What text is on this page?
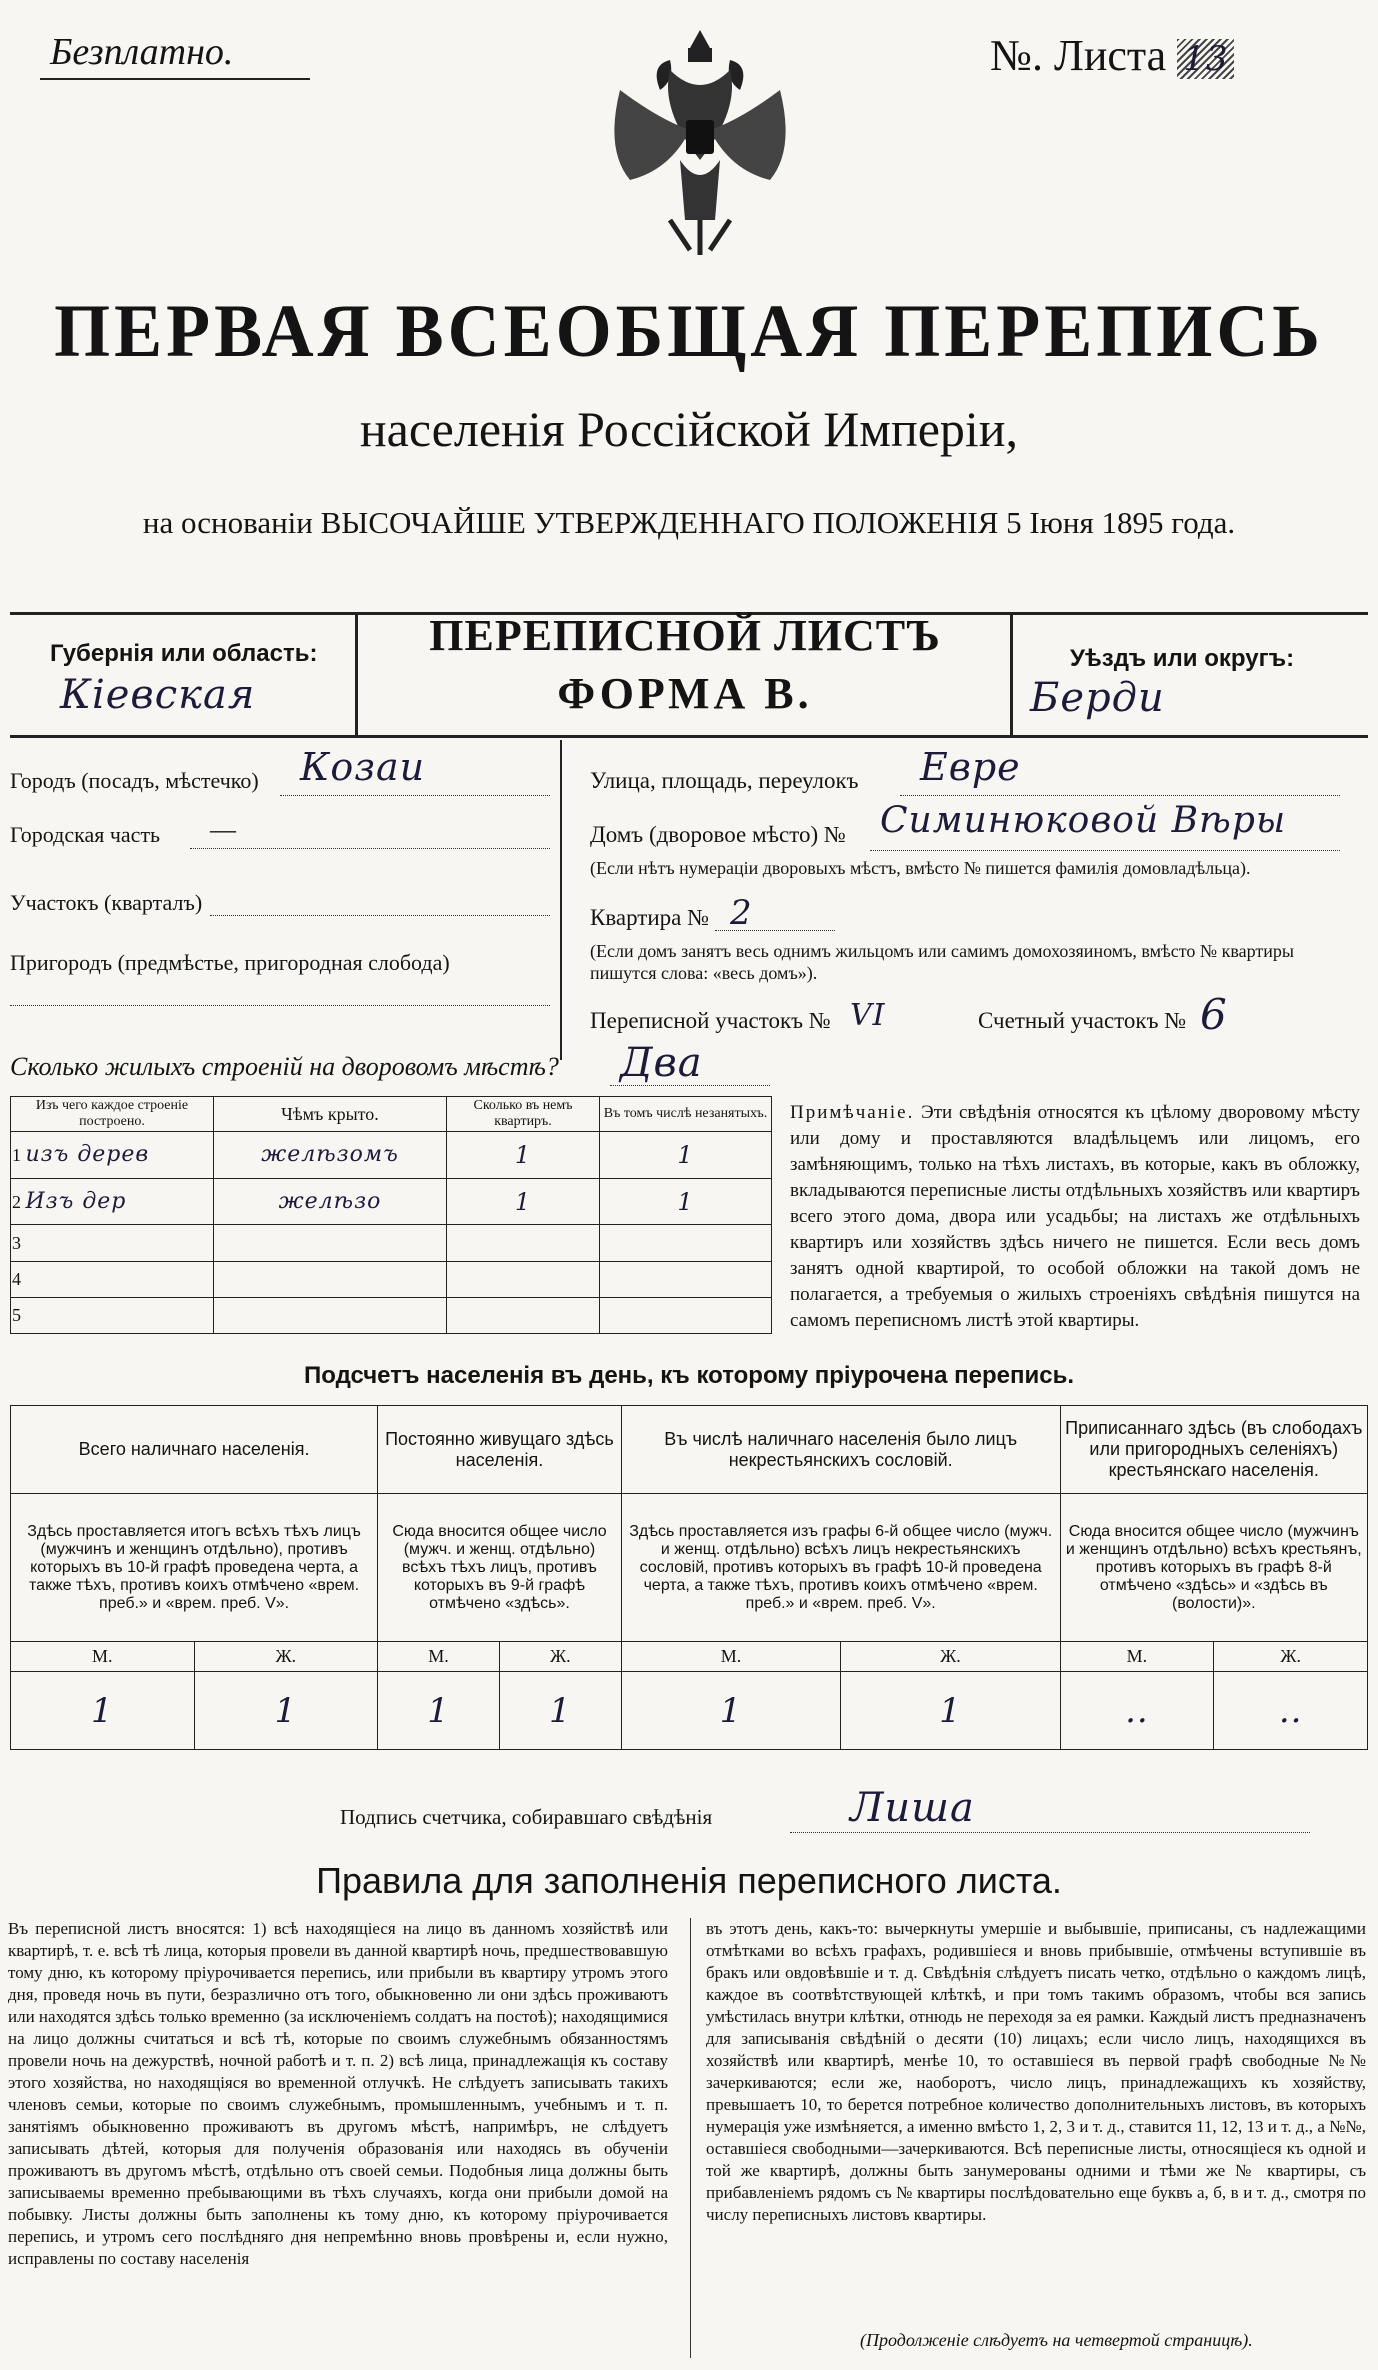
Безплатно.	№. Листа 13
ПЕРВАЯ ВСЕОБЩАЯ ПЕРЕПИСЬ
населенія Россійской Имперіи,
на основаніи ВЫСОЧАЙШЕ УТВЕРЖДЕННАГО ПОЛОЖЕНІЯ 5 Іюня 1895 года.
Губернія или область:
Кіевская
ПЕРЕПИСНОЙ ЛИСТЪ
ФОРМА В.
Уѣздъ или округъ:
Берди
Городъ (посадъ, мѣстечко) Козаи
Городская часть —
Участокъ (кварталъ)
Пригородъ (предмѣстье, пригородная слобода)
Улица, площадь, переулокъ Евре
Домъ (дворовое мѣсто) № Симинюковой Вѣры
(Если нѣтъ нумераціи дворовыхъ мѣстъ, вмѣсто № пишется фамилія домовладѣльца).
Квартира № 2
(Если домъ занятъ весь однимъ жильцомъ или самимъ домохозяиномъ, вмѣсто № квартиры пишутся слова: «весь домъ»).
Переписной участокъ № VI	Счетный участокъ № 6
Сколько жилыхъ строеній на дворовомъ мѣстѣ? Два
Изъ чего каждое строеніе построено.	Чѣмъ крыто.	Сколько въ немъ квартиръ.	Въ томъ числѣ незанятыхъ.
1 изъ дерев	желѣзомъ	1	1
2 Изъ дер	желѣзо	1	1
3			
4			
5			
Примѣчаніе. Эти свѣдѣнія относятся къ цѣлому дворовому мѣсту или дому и проставляются владѣльцемъ или лицомъ, его замѣняющимъ, только на тѣхъ листахъ, въ которые, какъ въ обложку, вкладываются переписные листы отдѣльныхъ хозяйствъ или квартиръ всего этого дома, двора или усадьбы; на листахъ же отдѣльныхъ квартиръ или хозяйствъ здѣсь ничего не пишется. Если весь домъ занятъ одной квартирой, то особой обложки на такой домъ не полагается, а требуемыя о жилыхъ строеніяхъ свѣдѣнія пишутся на самомъ переписномъ листѣ этой квартиры.
Подсчетъ населенія въ день, къ которому пріурочена перепись.
Всего наличнаго населенія.		Постоянно живущаго здѣсь населенія.		Въ числѣ наличнаго населенія было лицъ некрестьянскихъ сословій.		Приписаннаго здѣсь (въ слободахъ или пригородныхъ селеніяхъ) крестьянскаго населенія.	
Здѣсь проставляется итогъ всѣхъ тѣхъ лицъ (мужчинъ и женщинъ отдѣльно), противъ которыхъ въ 10-й графѣ проведена черта, а также тѣхъ, противъ коихъ отмѣчено «врем. преб.» и «врем. преб. V».		Сюда вносится общее число (мужч. и женщ. отдѣльно) всѣхъ тѣхъ лицъ, противъ которыхъ въ 9-й графѣ отмѣчено «здѣсь».		Здѣсь проставляется изъ графы 6-й общее число (мужч. и женщ. отдѣльно) всѣхъ лицъ некрестьянскихъ сословій, противъ которыхъ въ графѣ 10-й проведена черта, а также тѣхъ, противъ коихъ отмѣчено «врем. преб.» и «врем. преб. V».		Сюда вносится общее число (мужчинъ и женщинъ отдѣльно) всѣхъ крестьянъ, противъ которыхъ въ графѣ 8-й отмѣчено «здѣсь» и «здѣсь въ (волости)».	
М.	Ж.	М.	Ж.	М.	Ж.	М.	Ж.
1	1	1	1	1	1	..	..
Подпись счетчика, собиравшаго свѣдѣнія	Лиша
Правила для заполненія переписного листа.
Въ переписной листъ вносятся: 1) всѣ находящіеся на лицо въ данномъ хозяйствѣ или квартирѣ, т. е. всѣ тѣ лица, которыя провели въ данной квартирѣ ночь, предшествовавшую тому дню, къ которому пріурочивается перепись, или прибыли въ квартиру утромъ этого дня, проведя ночь въ пути, безразлично отъ того, обыкновенно ли они здѣсь проживаютъ или находятся здѣсь только временно (за исключеніемъ солдатъ на постоѣ); находящимися на лицо должны считаться и всѣ тѣ, которые по своимъ служебнымъ обязанностямъ провели ночь на дежурствѣ, ночной работѣ и т. п. 2) всѣ лица, принадлежащія къ составу этого хозяйства, но находящіяся во временной отлучкѣ. Не слѣдуетъ записывать такихъ членовъ семьи, которые по своимъ служебнымъ, промышленнымъ, учебнымъ и т. п. занятіямъ обыкновенно проживаютъ въ другомъ мѣстѣ, напримѣръ, не слѣдуетъ записывать дѣтей, которыя для полученія образованія или находясь въ обученіи проживаютъ въ другомъ мѣстѣ, отдѣльно отъ своей семьи. Подобныя лица должны быть записываемы временно пребывающими въ тѣхъ случаяхъ, когда они прибыли домой на побывку. Листы должны быть заполнены къ тому дню, къ которому пріурочивается перепись, и утромъ сего послѣдняго дня непремѣнно вновь провѣрены и, если нужно, исправлены по составу населенія
въ этотъ день, какъ-то: вычеркнуты умершіе и выбывшіе, приписаны, съ надлежащими отмѣтками во всѣхъ графахъ, родившіеся и вновь прибывшіе, отмѣчены вступившіе въ бракъ или овдовѣвшіе и т. д. Свѣдѣнія слѣдуетъ писать четко, отдѣльно о каждомъ лицѣ, каждое въ соотвѣтствующей клѣткѣ, и при томъ такимъ образомъ, чтобы вся запись умѣстилась внутри клѣтки, отнюдь не переходя за ея рамки. Каждый листъ предназначенъ для записыванія свѣдѣній о десяти (10) лицахъ; если число лицъ, находящихся въ хозяйствѣ или квартирѣ, менѣе 10, то оставшіеся въ первой графѣ свободные №№ зачеркиваются; если же, наоборотъ, число лицъ, принадлежащихъ къ хозяйству, превышаетъ 10, то берется потребное количество дополнительныхъ листовъ, въ которыхъ нумерація уже измѣняется, а именно вмѣсто 1, 2, 3 и т. д., ставится 11, 12, 13 и т. д., а №№, оставшіеся свободными—зачеркиваются. Всѣ переписные листы, относящіеся къ одной и той же квартирѣ, должны быть занумерованы одними и тѣми же № квартиры, съ прибавленіемъ рядомъ съ № квартиры послѣдовательно еще буквъ а, б, в и т. д., смотря по числу переписныхъ листовъ квартиры.
(Продолженіе слѣдуетъ на четвертой страницѣ).
